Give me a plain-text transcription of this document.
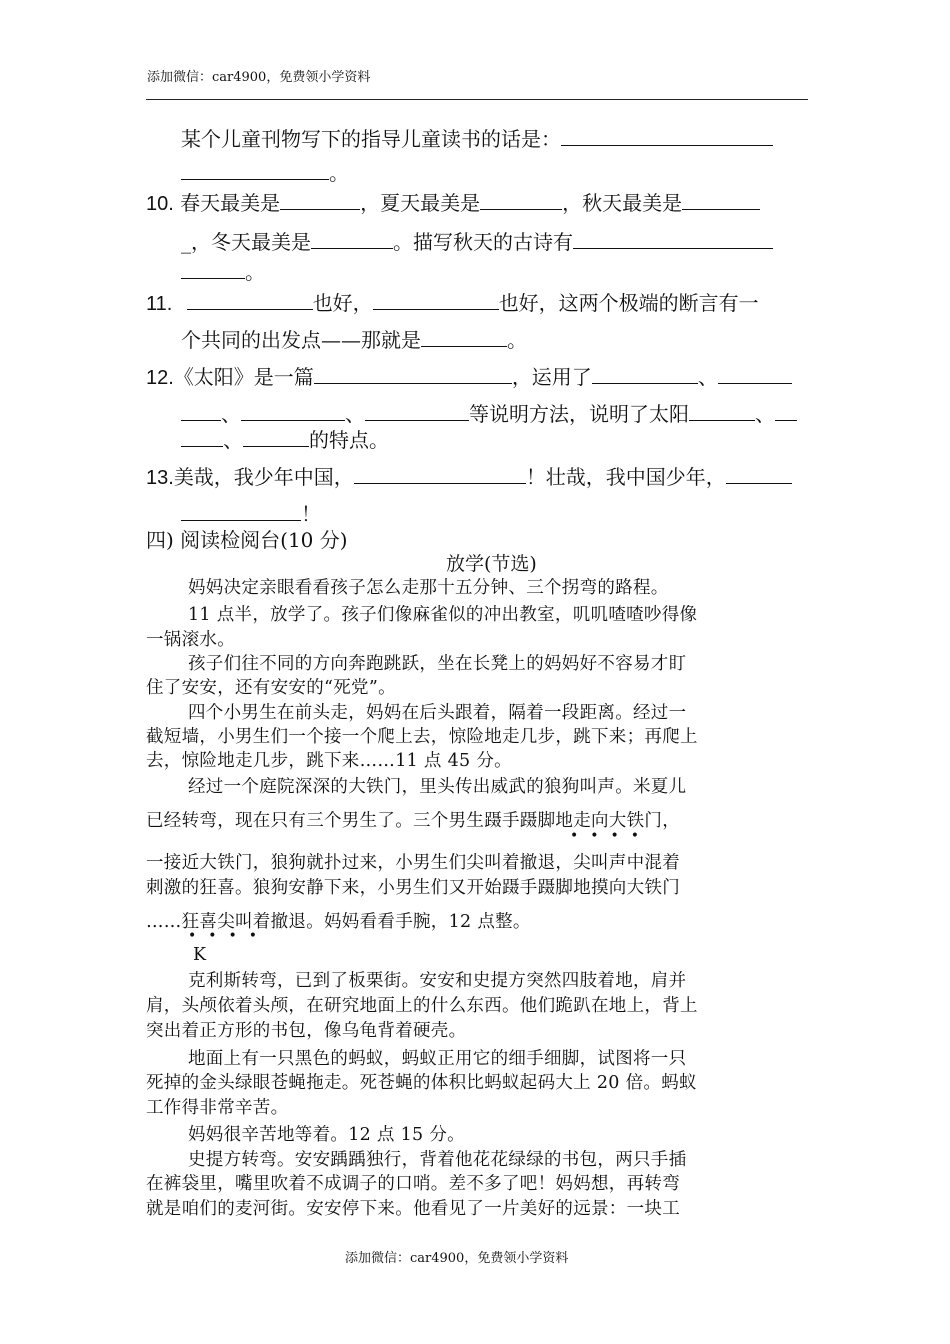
添加微信：car4900，免费领小学资料
某个儿童刊物写下的指导儿童读书的话是：
。
10. 春天最美是	，夏天最美是	，秋天最美是
_，冬天最美是	。描写秋天的古诗有
。
11.	也好，	也好，这两个极端的断言有一
个共同的出发点——那就是	。
12.《太阳》是一篇	，运用了	、
、	、	等说明方法，说明了太阳	、
、	的特点。
13.美哉，我少年中国，	！壮哉，我中国少年，
！
四) 阅读检阅台(10 分)
放学(节选)
妈妈决定亲眼看看孩子怎么走那十五分钟、三个拐弯的路程。
11 点半，放学了。孩子们像麻雀似的冲出教室，叽叽喳喳吵得像
一锅滚水。
孩子们往不同的方向奔跑跳跃，坐在长凳上的妈妈好不容易才盯
住了安安，还有安安的“死党”。
四个小男生在前头走，妈妈在后头跟着，隔着一段距离。经过一
截短墙，小男生们一个接一个爬上去，惊险地走几步，跳下来；再爬上
去，惊险地走几步，跳下来……11 点 45 分。
经过一个庭院深深的大铁门，里头传出威武的狼狗叫声。米夏儿
已经转弯，现在只有三个男生了。三个男生蹑手蹑脚地走向大铁门，
••••
一接近大铁门，狼狗就扑过来，小男生们尖叫着撤退，尖叫声中混着
刺激的狂喜。狼狗安静下来，小男生们又开始蹑手蹑脚地摸向大铁门
……狂喜尖叫着撤退。妈妈看看手腕，12 点整。
••••
K
克利斯转弯，已到了板栗街。安安和史提方突然四肢着地，肩并
肩，头颅依着头颅，在研究地面上的什么东西。他们跪趴在地上，背上
突出着正方形的书包，像乌龟背着硬壳。
地面上有一只黑色的蚂蚁，蚂蚁正用它的细手细脚，试图将一只
死掉的金头绿眼苍蝇拖走。死苍蝇的体积比蚂蚁起码大上 20 倍。蚂蚁
工作得非常辛苦。
妈妈很辛苦地等着。12 点 15 分。
史提方转弯。安安踽踽独行，背着他花花绿绿的书包，两只手插
在裤袋里，嘴里吹着不成调子的口哨。差不多了吧！妈妈想，再转弯
就是咱们的麦河街。安安停下来。他看见了一片美好的远景：一块工
添加微信：car4900，免费领小学资料
